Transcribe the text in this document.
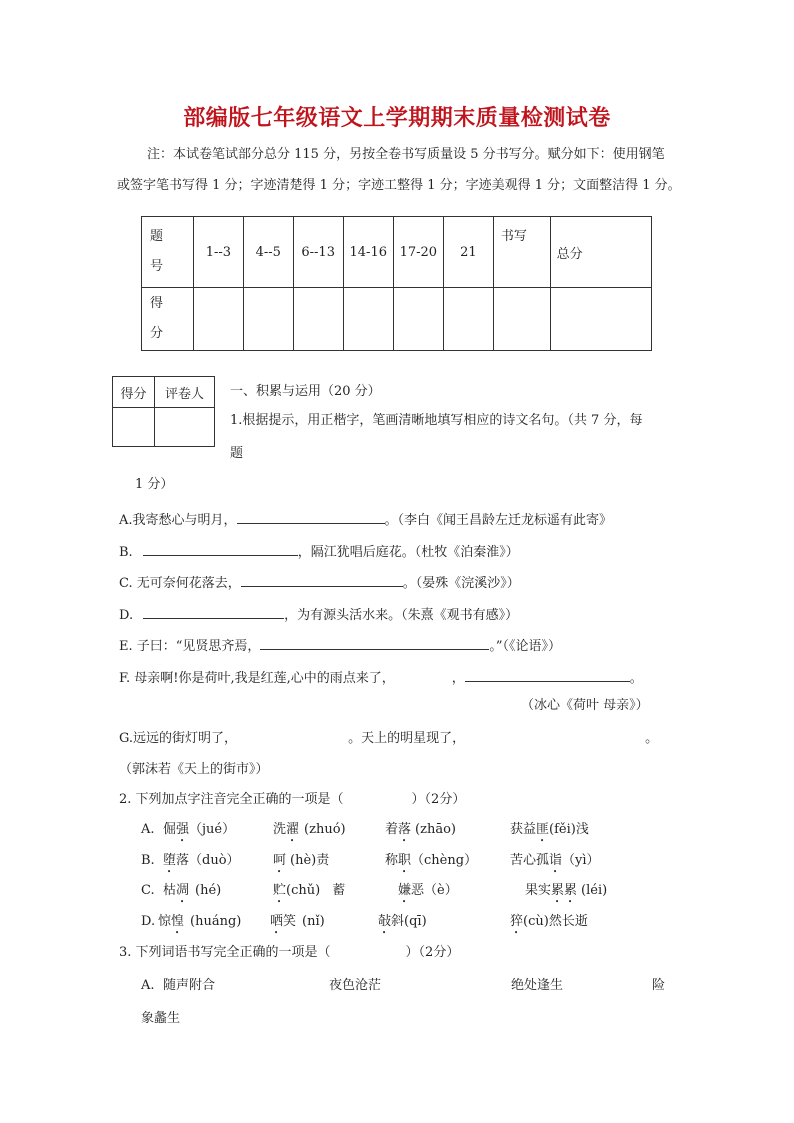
部编版七年级语文上学期期末质量检测试卷
注：本试卷笔试部分总分 115 分，另按全卷书写质量设 5 分书写分。赋分如下：使用钢笔
或签字笔书写得 1 分；字迹清楚得 1 分；字迹工整得 1 分；字迹美观得 1 分；文面整洁得 1 分。
题
号	1--3	4--5	6--13	14-16	17-20	21	书写	总分

得
分								

得分	评卷人
	一、积累与运用（20 分）
1.根据提示，用正楷字，笔画清晰地填写相应的诗文名句。（共 7 分，每
题
1 分）
A.我寄愁心与明月，	。（李白《闻王昌龄左迁龙标遥有此寄》
B.	，隔江犹唱后庭花。（杜牧《泊秦淮》）
C. 无可奈何花落去，	。（晏殊《浣溪沙》）
D.	，为有源头活水来。（朱熹《观书有感》）
E. 子曰：“见贤思齐焉，	。”（《论语》）
F. 母亲啊!你是荷叶,我是红莲,心中的雨点来了，	，	。
（冰心《荷叶 母亲》）
G.远远的街灯明了，	。天上的明星现了，	。
（郭沫若《天上的街市》）
2. 下列加点字注音完全正确的一项是（	）（2分）
A. 倔强（jué）	洗濯 (zhuó)	着落 (zhāo)	获益匪(fěi)浅
B. 堕落（duò）	呵 (hè)责	称职（chèng）	苦心孤诣（yì）
C. 枯凋 (hé)	贮(chǔ) 蓄	嫌恶（è）	果实累累 (léi)
D. 惊惶 (huáng) 哂笑 (nǐ)	敧斜(qī)	猝(cù)然长逝
3. 下列词语书写完全正确的一项是（	）（2分）
A. 随声附合	夜色沧茫	绝处逢生	险
象蠡生
